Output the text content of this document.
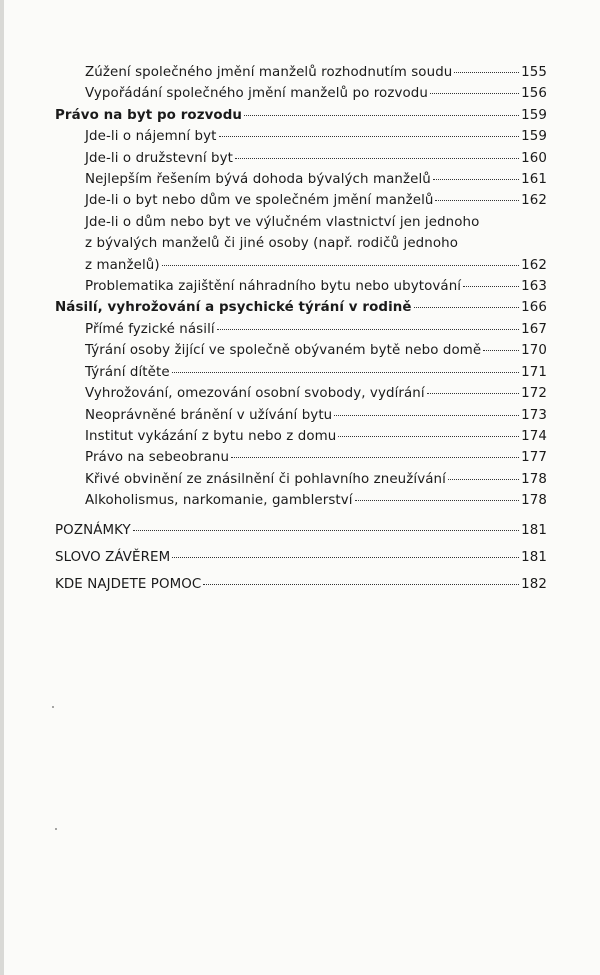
Zúžení společného jmění manželů rozhodnutím soudu	155
Vypořádání společného jmění manželů po rozvodu	156
Právo na byt po rozvodu	159
Jde-li o nájemní byt	159
Jde-li o družstevní byt	160
Nejlepším řešením bývá dohoda bývalých manželů	161
Jde-li o byt nebo dům ve společném jmění manželů	162
Jde-li o dům nebo byt ve výlučném vlastnictví jen jednoho
z bývalých manželů či jiné osoby (např. rodičů jednoho
z manželů)	162
Problematika zajištění náhradního bytu nebo ubytování	163
Násilí, vyhrožování a psychické týrání v rodině	166
Přímé fyzické násilí	167
Týrání osoby žijící ve společně obývaném bytě nebo domě	170
Týrání dítěte	171
Vyhrožování, omezování osobní svobody, vydírání	172
Neoprávněné bránění v užívání bytu	173
Institut vykázání z bytu nebo z domu	174
Právo na sebeobranu	177
Křivé obvinění ze znásilnění či pohlavního zneužívání	178
Alkoholismus, narkomanie, gamblerství	178
POZNÁMKY	181
SLOVO ZÁVĚREM	181
KDE NAJDETE POMOC	182
